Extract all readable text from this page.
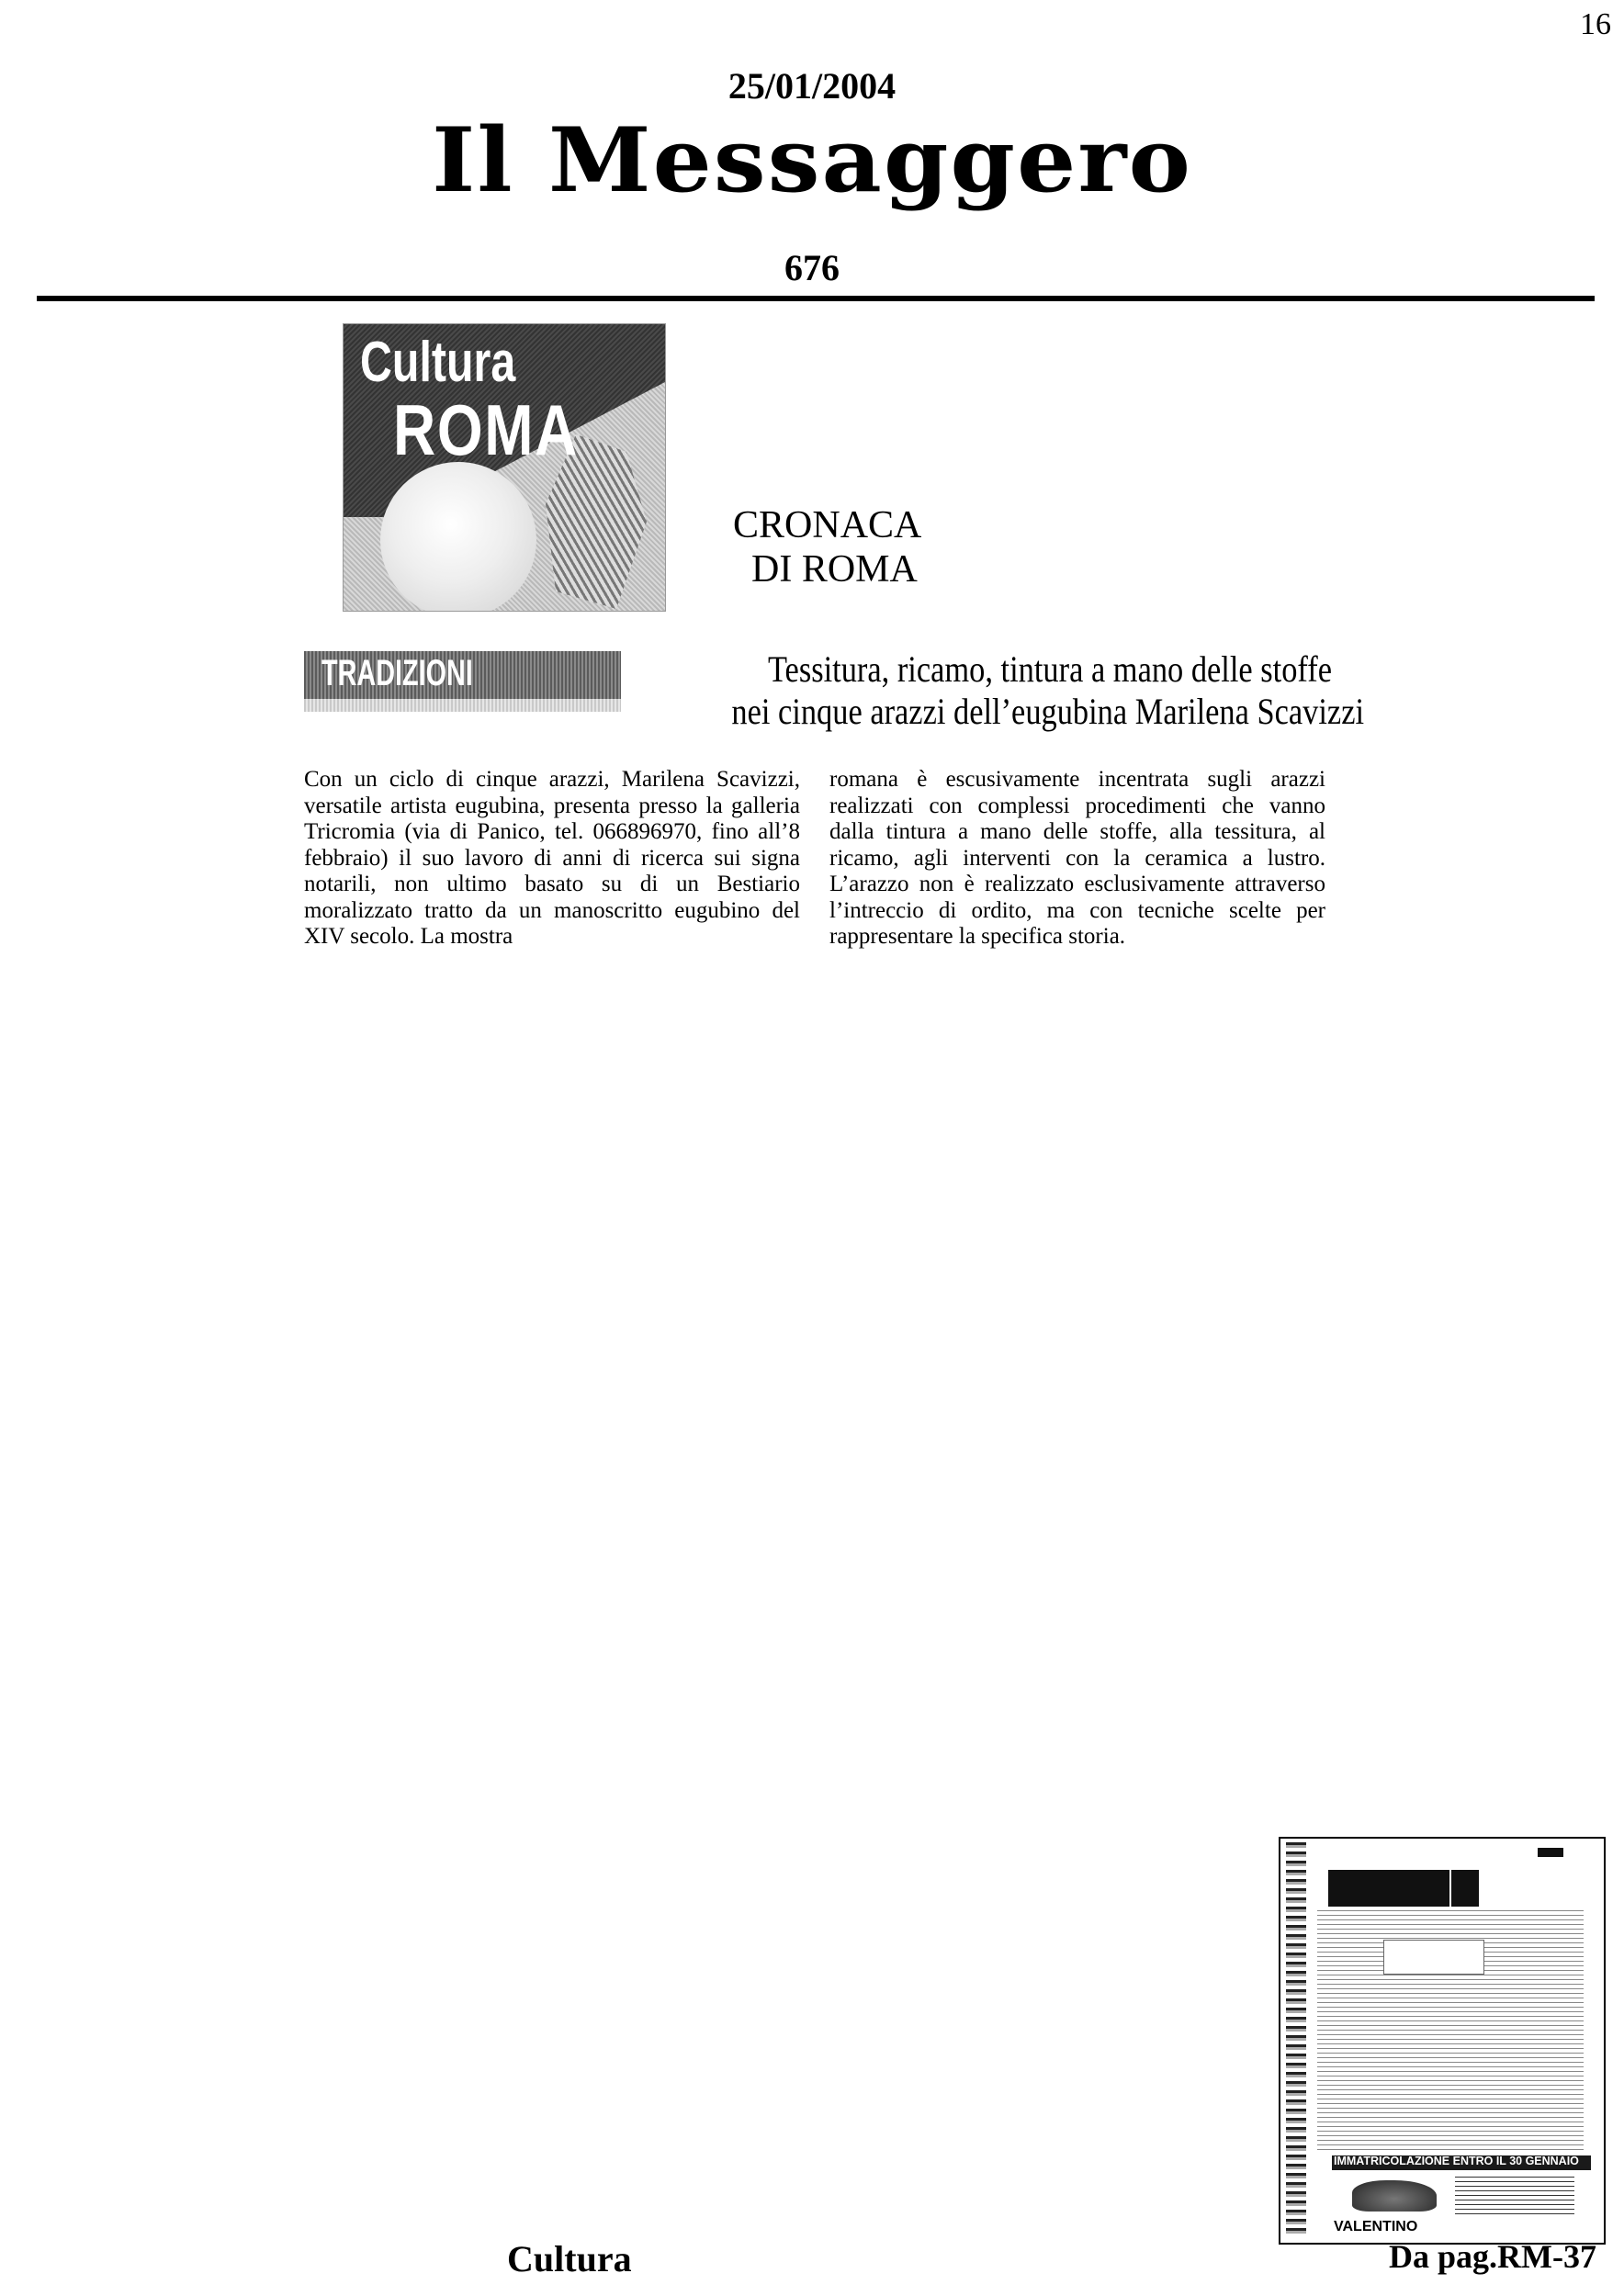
16
25/01/2004
Il Messaggero
676
Cultura
ROMA
CRONACA
DI ROMA
TRADIZIONI	Tessitura, ricamo, tintura a mano delle stoffe
nei cinque arazzi dell’eugubina Marilena Scavizzi
Con un ciclo di cinque arazzi, Marilena Scavizzi, versatile artista eugubina, presenta presso la galleria Tricromia (via di Panico, tel. 066896970, fino all’8 febbraio) il suo lavoro di anni di ricerca sui signa notarili, non ultimo basato su di un Bestiario moralizzato tratto da un manoscritto eugubino del XIV secolo. La mostra
romana è escusivamente incentrata sugli arazzi realizzati con complessi procedimenti che vanno dalla tintura a mano delle stoffe, alla tessitura, al ricamo, agli interventi con la ceramica a lustro. L’arazzo non è realizzato esclusivamente attraverso l’intreccio di ordito, ma con tecniche scelte per rappresentare la specifica storia.
IMMATRICOLAZIONE ENTRO IL 30 GENNAIO
VALENTINO
Cultura	Da pag.RM-37
